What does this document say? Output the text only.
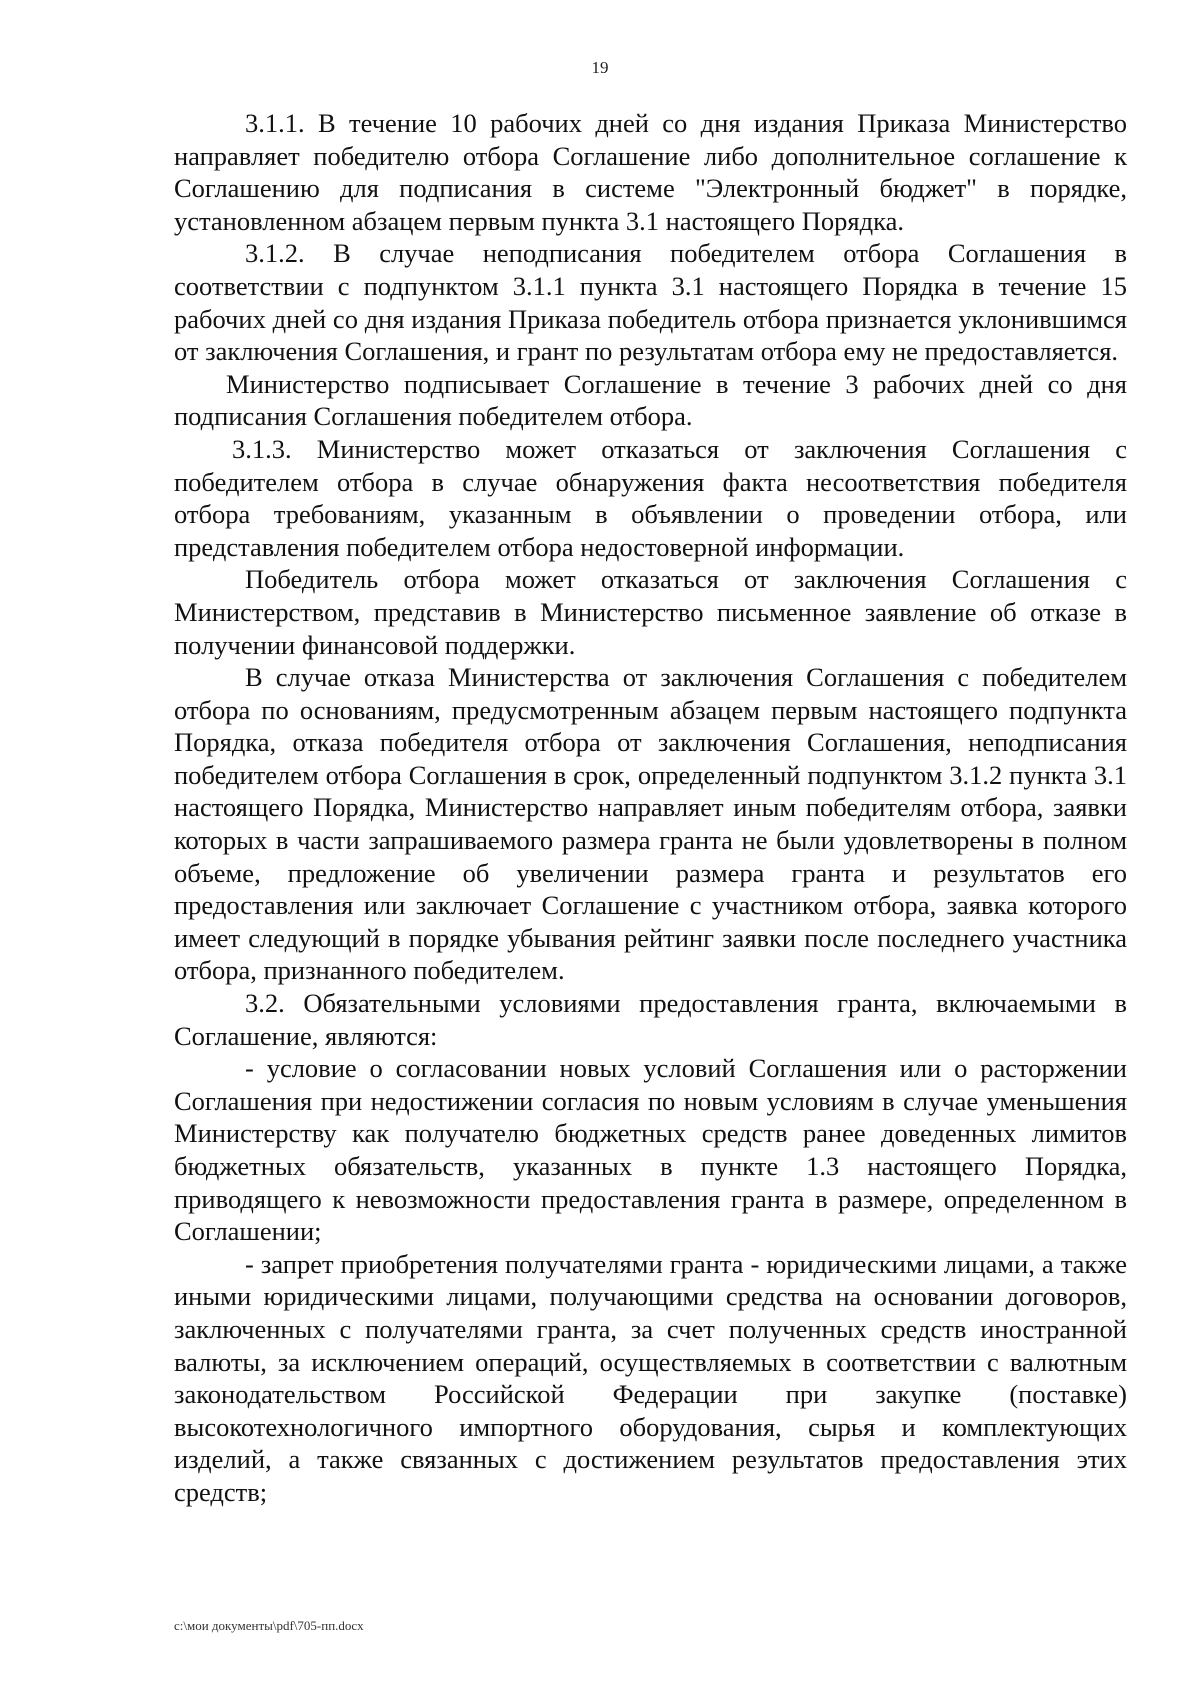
19

3.1.1. В течение 10 рабочих дней со дня издания Приказа Министерство направляет победителю отбора Соглашение либо дополнительное соглашение к Соглашению для подписания в системе "Электронный бюджет" в порядке, установленном абзацем первым пункта 3.1 настоящего Порядка.

3.1.2. В случае неподписания победителем отбора Соглашения в соответствии с подпунктом 3.1.1 пункта 3.1 настоящего Порядка в течение 15 рабочих дней со дня издания Приказа победитель отбора признается уклонившимся от заключения Соглашения, и грант по результатам отбора ему не предоставляется.

Министерство подписывает Соглашение в течение 3 рабочих дней со дня подписания Соглашения победителем отбора.

3.1.3. Министерство может отказаться от заключения Соглашения с победителем отбора в случае обнаружения факта несоответствия победителя отбора требованиям, указанным в объявлении о проведении отбора, или представления победителем отбора недостоверной информации.

Победитель отбора может отказаться от заключения Соглашения с Министерством, представив в Министерство письменное заявление об отказе в получении финансовой поддержки.

В случае отказа Министерства от заключения Соглашения с победителем отбора по основаниям, предусмотренным абзацем первым настоящего подпункта Порядка, отказа победителя отбора от заключения Соглашения, неподписания победителем отбора Соглашения в срок, определенный подпунктом 3.1.2 пункта 3.1 настоящего Порядка, Министерство направляет иным победителям отбора, заявки которых в части запрашиваемого размера гранта не были удовлетворены в полном объеме, предложение об увеличении размера гранта и результатов его предоставления или заключает Соглашение с участником отбора, заявка которого имеет следующий в порядке убывания рейтинг заявки после последнего участника отбора, признанного победителем.

3.2. Обязательными условиями предоставления гранта, включаемыми в Соглашение, являются:

- условие о согласовании новых условий Соглашения или о расторжении Соглашения при недостижении согласия по новым условиям в случае уменьшения Министерству как получателю бюджетных средств ранее доведенных лимитов бюджетных обязательств, указанных в пункте 1.3 настоящего Порядка, приводящего к невозможности предоставления гранта в размере, определенном в Соглашении;

- запрет приобретения получателями гранта - юридическими лицами, а также иными юридическими лицами, получающими средства на основании договоров, заключенных с получателями гранта, за счет полученных средств иностранной валюты, за исключением операций, осуществляемых в соответствии с валютным законодательством Российской Федерации при закупке (поставке) высокотехнологичного импортного оборудования, сырья и комплектующих изделий, а также связанных с достижением результатов предоставления этих средств;

c:\мои документы\pdf\705-пп.docx
